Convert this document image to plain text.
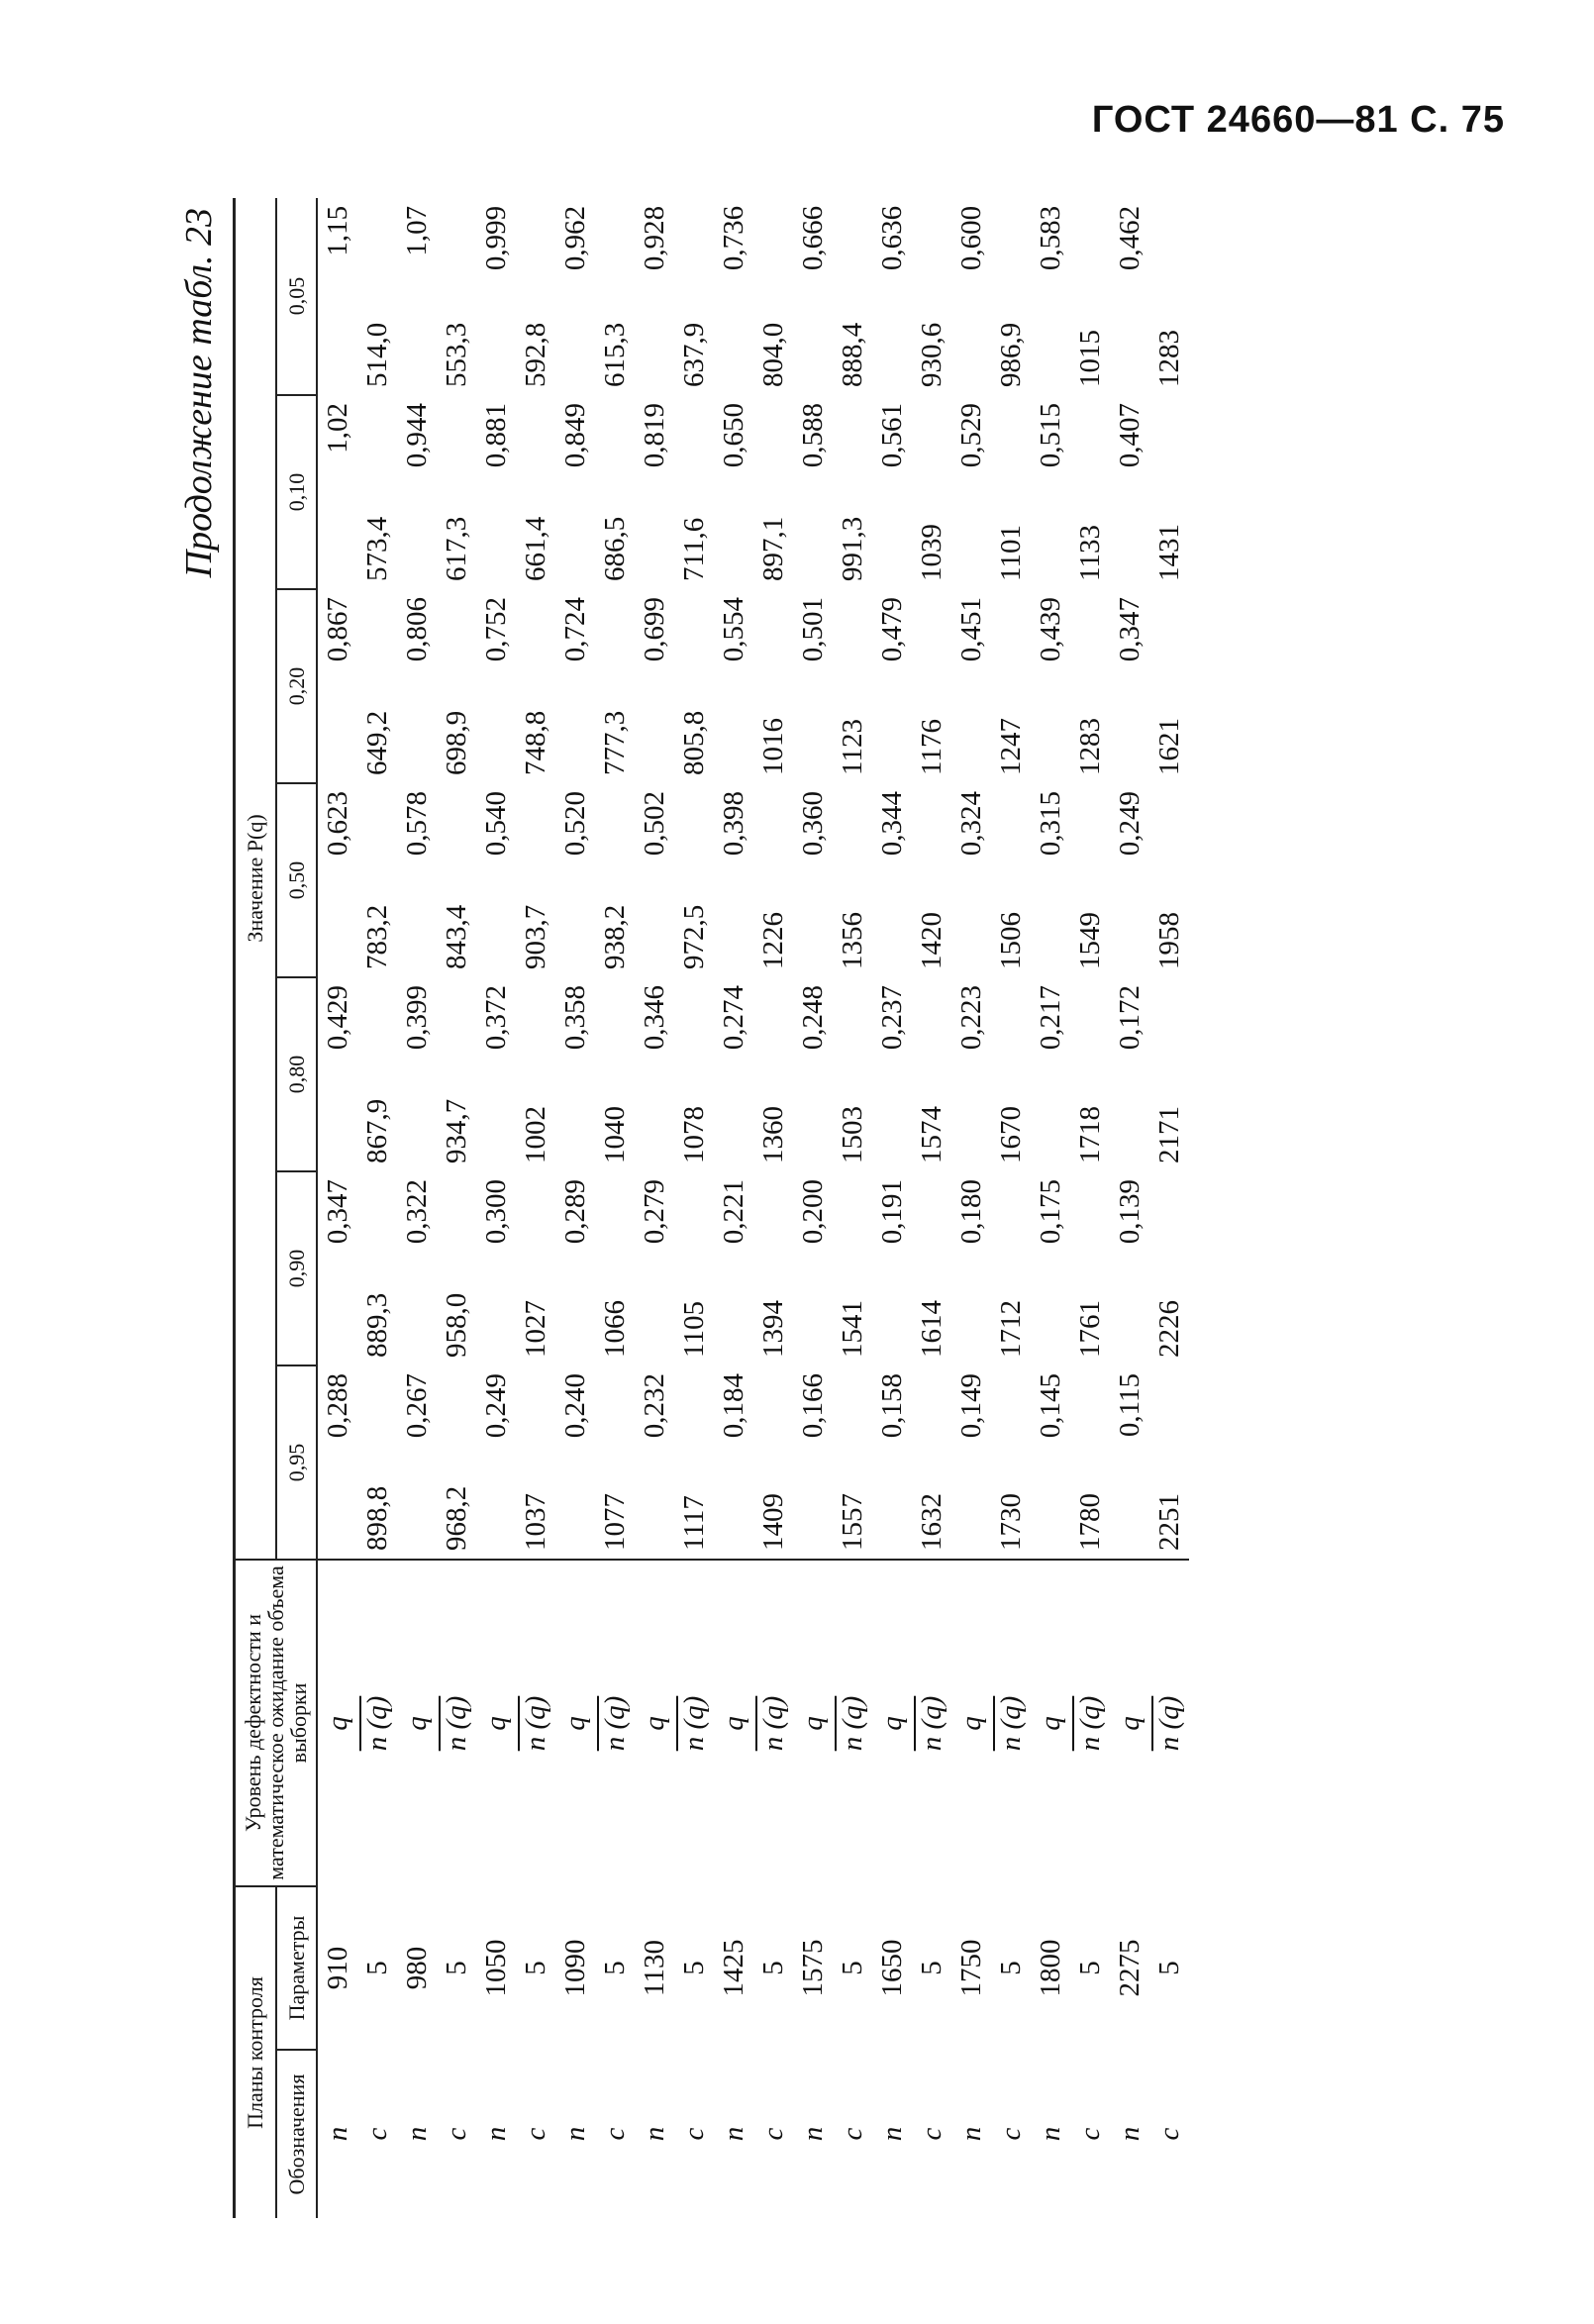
ГОСТ 24660—81 С. 75
Продолжение табл. 23
Планы контроля		Уровень дефектности и математическое ожидание объема выборки	Значение P(q)						
Обозначения	Параметры		0,95	0,90	0,80	0,50	0,20	0,10	0,05
n	910	q	0,288	0,347	0,429	0,623	0,867	1,02	1,15
c	5	n (q)	898,8	889,3	867,9	783,2	649,2	573,4	514,0
n	980	q	0,267	0,322	0,399	0,578	0,806	0,944	1,07
c	5	n (q)	968,2	958,0	934,7	843,4	698,9	617,3	553,3
n	1050	q	0,249	0,300	0,372	0,540	0,752	0,881	0,999
c	5	n (q)	1037	1027	1002	903,7	748,8	661,4	592,8
n	1090	q	0,240	0,289	0,358	0,520	0,724	0,849	0,962
c	5	n (q)	1077	1066	1040	938,2	777,3	686,5	615,3
n	1130	q	0,232	0,279	0,346	0,502	0,699	0,819	0,928
c	5	n (q)	1117	1105	1078	972,5	805,8	711,6	637,9
n	1425	q	0,184	0,221	0,274	0,398	0,554	0,650	0,736
c	5	n (q)	1409	1394	1360	1226	1016	897,1	804,0
n	1575	q	0,166	0,200	0,248	0,360	0,501	0,588	0,666
c	5	n (q)	1557	1541	1503	1356	1123	991,3	888,4
n	1650	q	0,158	0,191	0,237	0,344	0,479	0,561	0,636
c	5	n (q)	1632	1614	1574	1420	1176	1039	930,6
n	1750	q	0,149	0,180	0,223	0,324	0,451	0,529	0,600
c	5	n (q)	1730	1712	1670	1506	1247	1101	986,9
n	1800	q	0,145	0,175	0,217	0,315	0,439	0,515	0,583
c	5	n (q)	1780	1761	1718	1549	1283	1133	1015
n	2275	q	0,115	0,139	0,172	0,249	0,347	0,407	0,462
c	5	n (q)	2251	2226	2171	1958	1621	1431	1283
